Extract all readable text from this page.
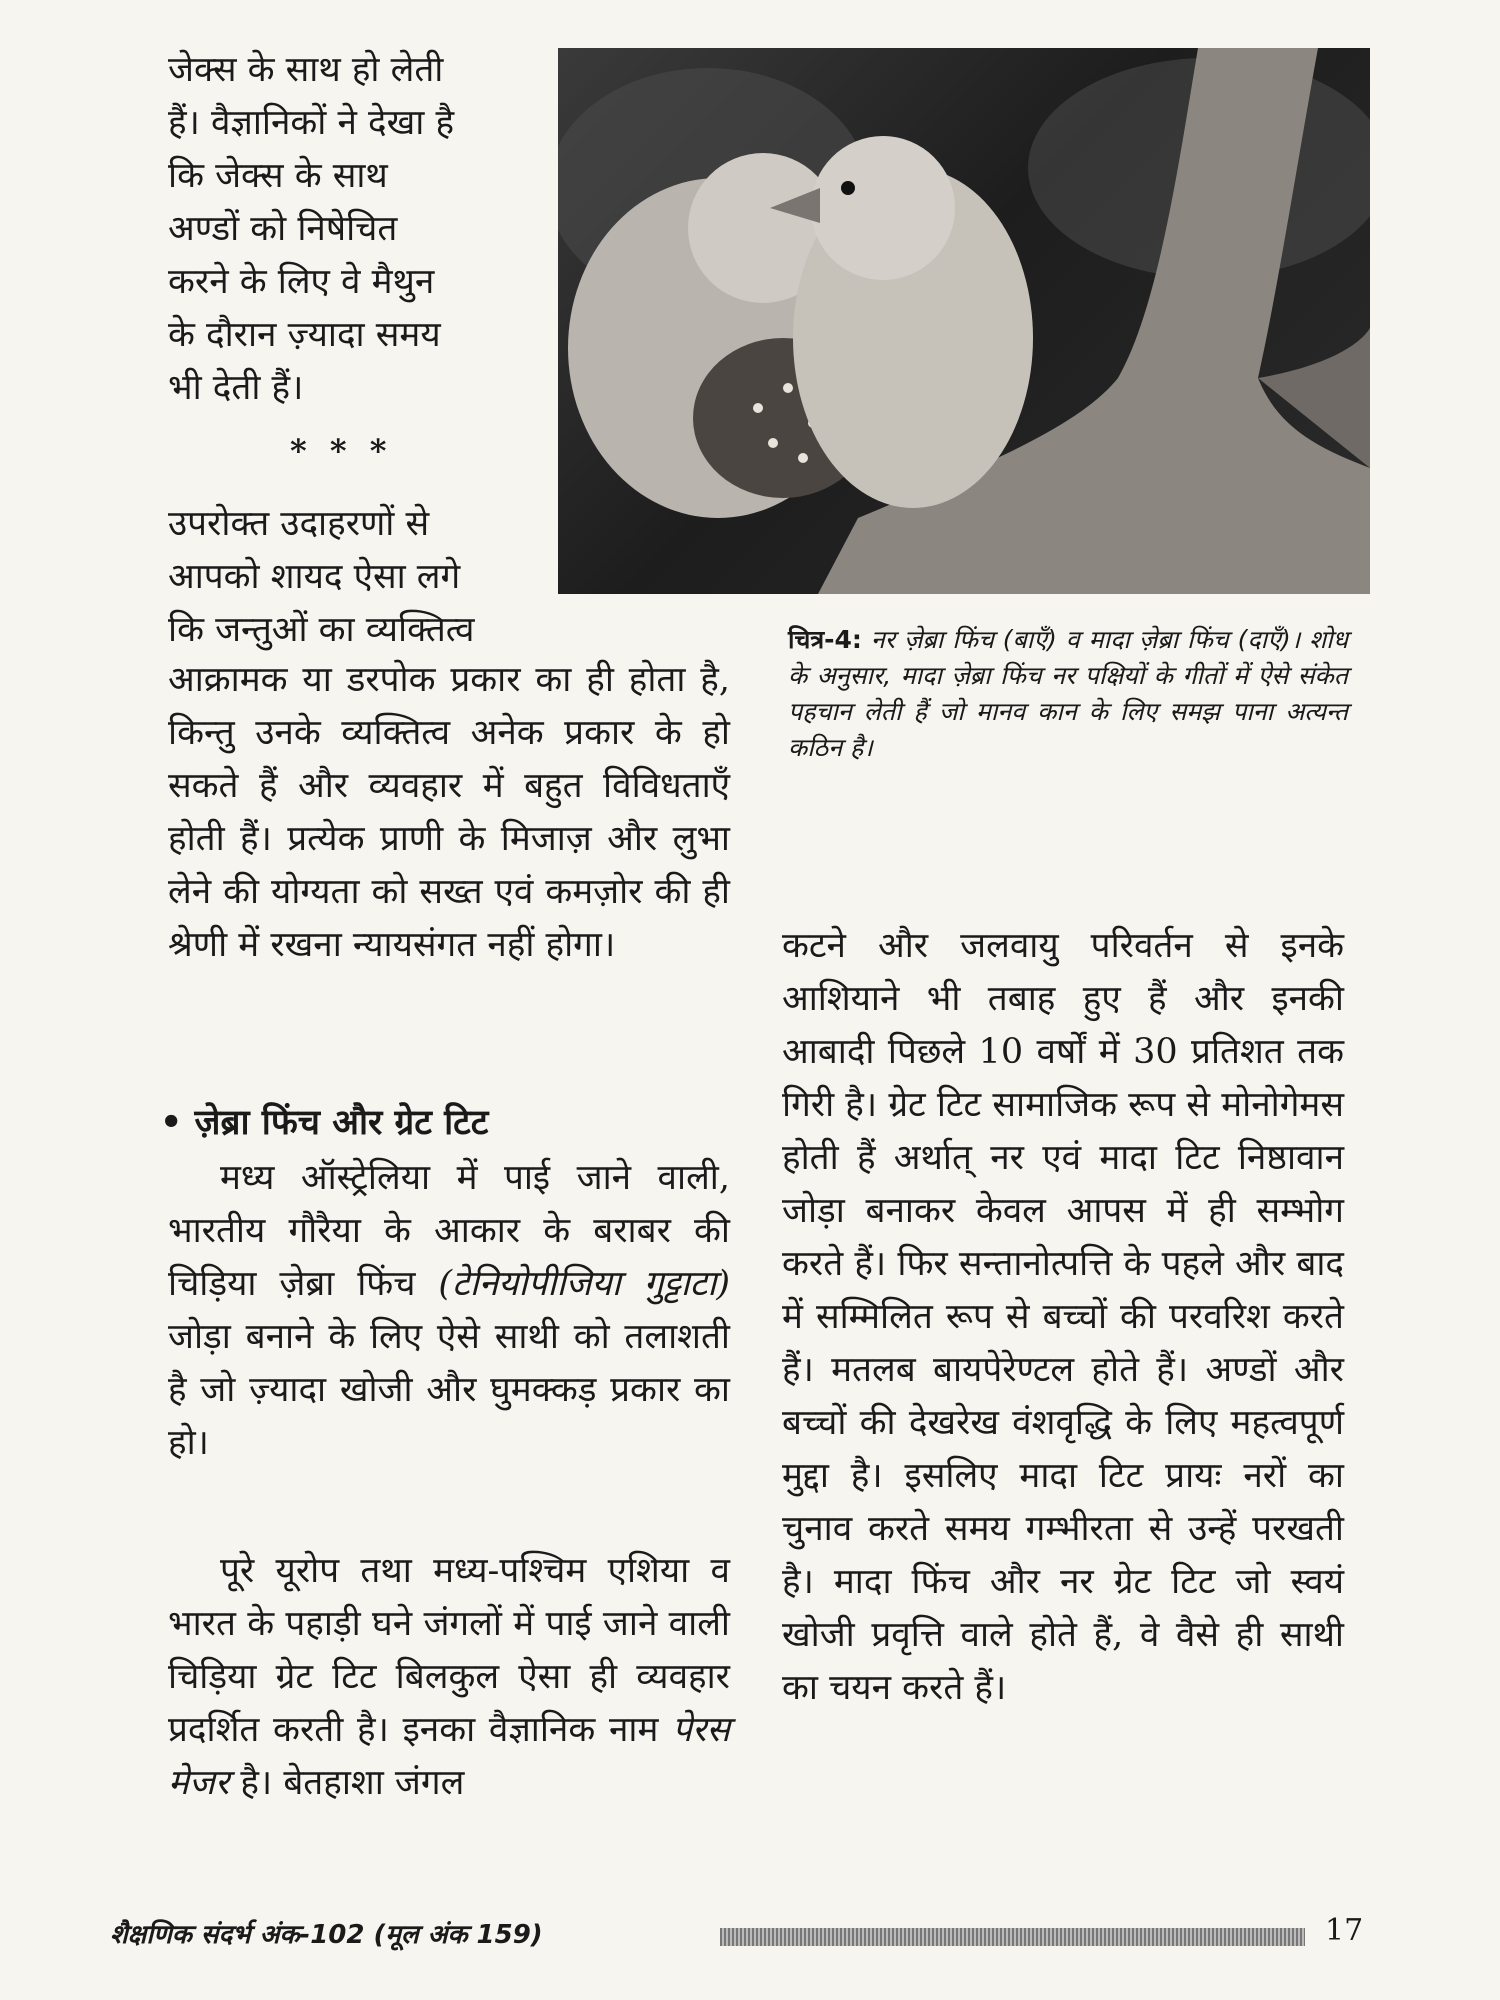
जेक्स के साथ हो लेती
हैं। वैज्ञानिकों ने देखा है
कि जेक्स के साथ
अण्डों को निषेचित
करने के लिए वे मैथुन
के दौरान ज़्यादा समय
भी देती हैं।
* * *
उपरोक्त उदाहरणों से
आपको शायद ऐसा लगे
कि जन्तुओं का व्यक्तित्व	चित्र-4: नर ज़ेब्रा फिंच (बाएँ) व मादा ज़ेब्रा फिंच (दाएँ)। शोध के अनुसार, मादा ज़ेब्रा फिंच नर पक्षियों के गीतों में ऐसे संकेत पहचान लेती हैं जो मानव कान के लिए समझ पाना अत्यन्त कठिन है।

आक्रामक या डरपोक प्रकार का ही होता है, किन्तु उनके व्यक्तित्व अनेक प्रकार के हो सकते हैं और व्यवहार में बहुत विविधताएँ होती हैं। प्रत्येक प्राणी के मिजाज़ और लुभा लेने की योग्यता को सख्त एवं कमज़ोर की ही श्रेणी में रखना न्यायसंगत नहीं होगा।

• ज़ेब्रा फिंच और ग्रेट टिट

मध्य ऑस्ट्रेलिया में पाई जाने वाली, भारतीय गौरैया के आकार के बराबर की चिड़िया ज़ेब्रा फिंच (टेनियोपीजिया गुट्टाटा) जोड़ा बनाने के लिए ऐसे साथी को तलाशती है जो ज़्यादा खोजी और घुमक्कड़ प्रकार का हो।

पूरे यूरोप तथा मध्य-पश्चिम एशिया व भारत के पहाड़ी घने जंगलों में पाई जाने वाली चिड़िया ग्रेट टिट बिलकुल ऐसा ही व्यवहार प्रदर्शित करती है। इनका वैज्ञानिक नाम पेरस मेजर है। बेतहाशा जंगल

कटने और जलवायु परिवर्तन से इनके आशियाने भी तबाह हुए हैं और इनकी आबादी पिछले 10 वर्षों में 30 प्रतिशत तक गिरी है। ग्रेट टिट सामाजिक रूप से मोनोगेमस होती हैं अर्थात् नर एवं मादा टिट निष्ठावान जोड़ा बनाकर केवल आपस में ही सम्भोग करते हैं। फिर सन्तानोत्पत्ति के पहले और बाद में सम्मिलित रूप से बच्चों की परवरिश करते हैं। मतलब बायपेरेण्टल होते हैं। अण्डों और बच्चों की देखरेख वंशवृद्धि के लिए महत्वपूर्ण मुद्दा है। इसलिए मादा टिट प्रायः नरों का चुनाव करते समय गम्भीरता से उन्हें परखती है। मादा फिंच और नर ग्रेट टिट जो स्वयं खोजी प्रवृत्ति वाले होते हैं, वे वैसे ही साथी का चयन करते हैं।

शैक्षणिक संदर्भ अंक-102 (मूल अंक 159)	17
